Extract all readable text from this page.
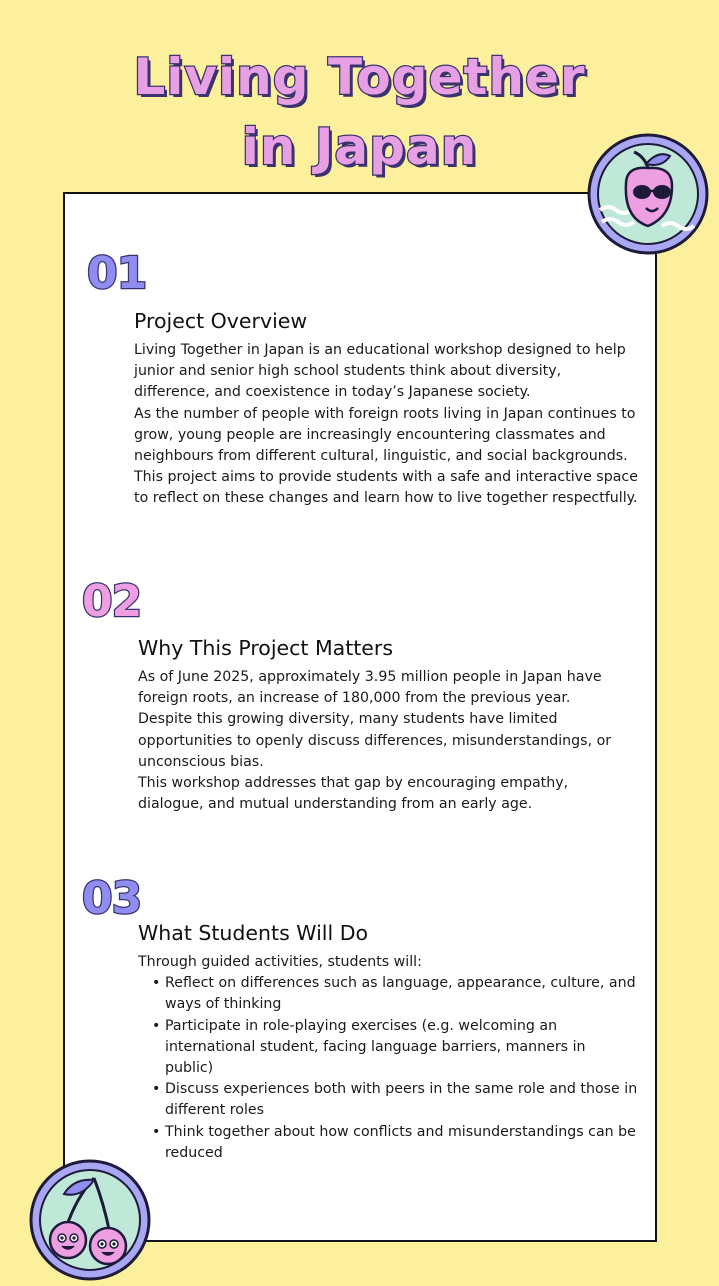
Living Together
in Japan
01
02
03
Project Overview

Living Together in Japan is an educational workshop designed to help junior and senior high school students think about diversity, difference, and coexistence in today’s Japanese society.

As the number of people with foreign roots living in Japan continues to grow, young people are increasingly encountering classmates and neighbours from different cultural, linguistic, and social backgrounds. This project aims to provide students with a safe and interactive space to reflect on these changes and learn how to live together respectfully.

Why This Project Matters

As of June 2025, approximately 3.95 million people in Japan have foreign roots, an increase of 180,000 from the previous year.

Despite this growing diversity, many students have limited opportunities to openly discuss differences, misunderstandings, or unconscious bias.

This workshop addresses that gap by encouraging empathy, dialogue, and mutual understanding from an early age.

What Students Will Do

Through guided activities, students will:

• Reflect on differences such as language, appearance, culture, and ways of thinking
• Participate in role-playing exercises (e.g. welcoming an international student, facing language barriers, manners in public)
• Discuss experiences both with peers in the same role and those in different roles
• Think together about how conflicts and misunderstandings can be reduced
